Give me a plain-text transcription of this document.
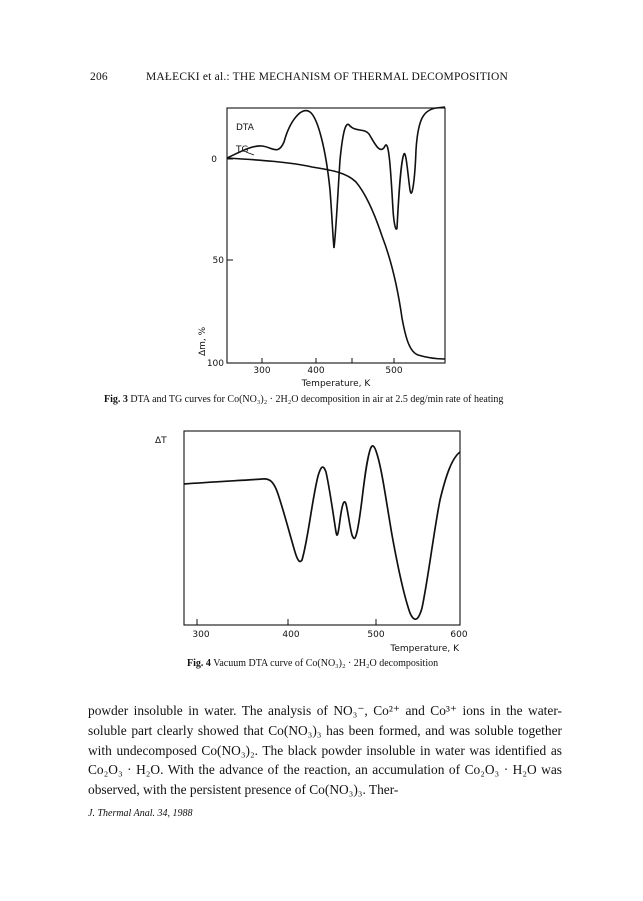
206	MAŁECKI et al.: THE MECHANISM OF THERMAL DECOMPOSITION
DTA
TG
0
50
100
Δm, %
300	400	500
Temperature, K
ΔT
300	400	500	600
Temperature, K
Fig. 3 DTA and TG curves for Co(NO₃)₂ · 2H₂O decomposition in air at 2.5 deg/min rate of heating
Fig. 4 Vacuum DTA curve of Co(NO₃)₂ · 2H₂O decomposition
powder insoluble in water. The analysis of NO₃⁻, Co²⁺ and Co³⁺ ions in the water-soluble part clearly showed that Co(NO₃)₃ has been formed, and was soluble together with undecomposed Co(NO₃)₂. The black powder insoluble in water was identified as Co₂O₃ · H₂O. With the advance of the reaction, an accumulation of Co₂O₃ · H₂O was observed, with the persistent presence of Co(NO₃)₃. Ther-
J. Thermal Anal. 34, 1988
